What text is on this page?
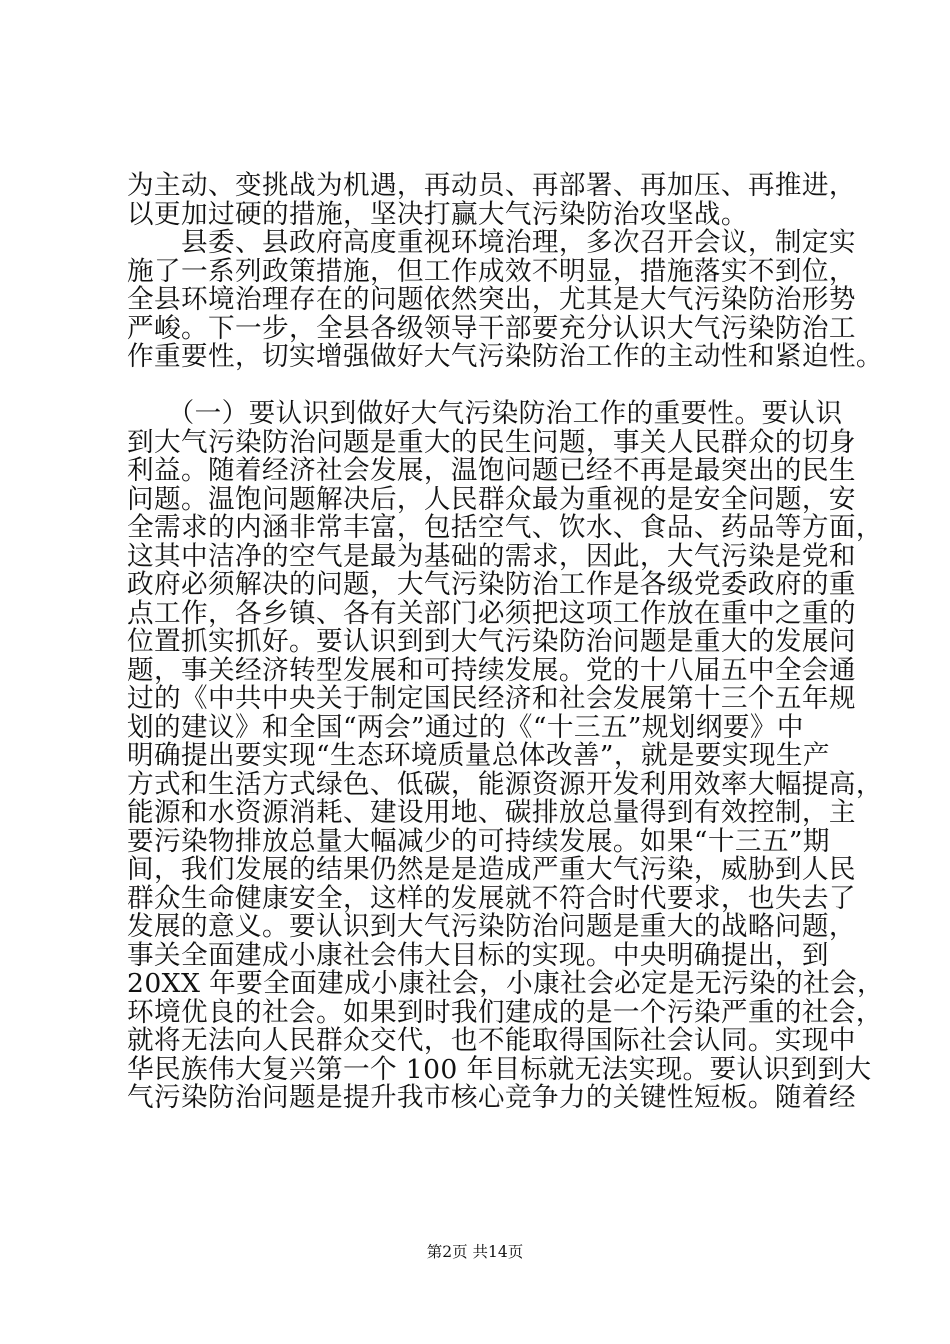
为主动、变挑战为机遇，再动员、再部署、再加压、再推进，
以更加过硬的措施，坚决打赢大气污染防治攻坚战。
　　县委、县政府高度重视环境治理，多次召开会议，制定实
施了一系列政策措施，但工作成效不明显，措施落实不到位，
全县环境治理存在的问题依然突出，尤其是大气污染防治形势
严峻。下一步，全县各级领导干部要充分认识大气污染防治工
作重要性，切实增强做好大气污染防治工作的主动性和紧迫性。
　　（一）要认识到做好大气污染防治工作的重要性。要认识
到大气污染防治问题是重大的民生问题，事关人民群众的切身
利益。随着经济社会发展，温饱问题已经不再是最突出的民生
问题。温饱问题解决后，人民群众最为重视的是安全问题，安
全需求的内涵非常丰富，包括空气、饮水、食品、药品等方面，
这其中洁净的空气是最为基础的需求，因此，大气污染是党和
政府必须解决的问题，大气污染防治工作是各级党委政府的重
点工作，各乡镇、各有关部门必须把这项工作放在重中之重的
位置抓实抓好。要认识到到大气污染防治问题是重大的发展问
题，事关经济转型发展和可持续发展。党的十八届五中全会通
过的《中共中央关于制定国民经济和社会发展第十三个五年规
划的建议》和全国“两会”通过的《“十三五”规划纲要》中
明确提出要实现“生态环境质量总体改善”，就是要实现生产
方式和生活方式绿色、低碳，能源资源开发利用效率大幅提高，
能源和水资源消耗、建设用地、碳排放总量得到有效控制，主
要污染物排放总量大幅减少的可持续发展。如果“十三五”期
间，我们发展的结果仍然是是造成严重大气污染，威胁到人民
群众生命健康安全，这样的发展就不符合时代要求，也失去了
发展的意义。要认识到大气污染防治问题是重大的战略问题，
事关全面建成小康社会伟大目标的实现。中央明确提出，到
20XX 年要全面建成小康社会，小康社会必定是无污染的社会，
环境优良的社会。如果到时我们建成的是一个污染严重的社会，
就将无法向人民群众交代，也不能取得国际社会认同。实现中
华民族伟大复兴第一个 100 年目标就无法实现。要认识到到大
气污染防治问题是提升我市核心竞争力的关键性短板。随着经
第2页 共14页
